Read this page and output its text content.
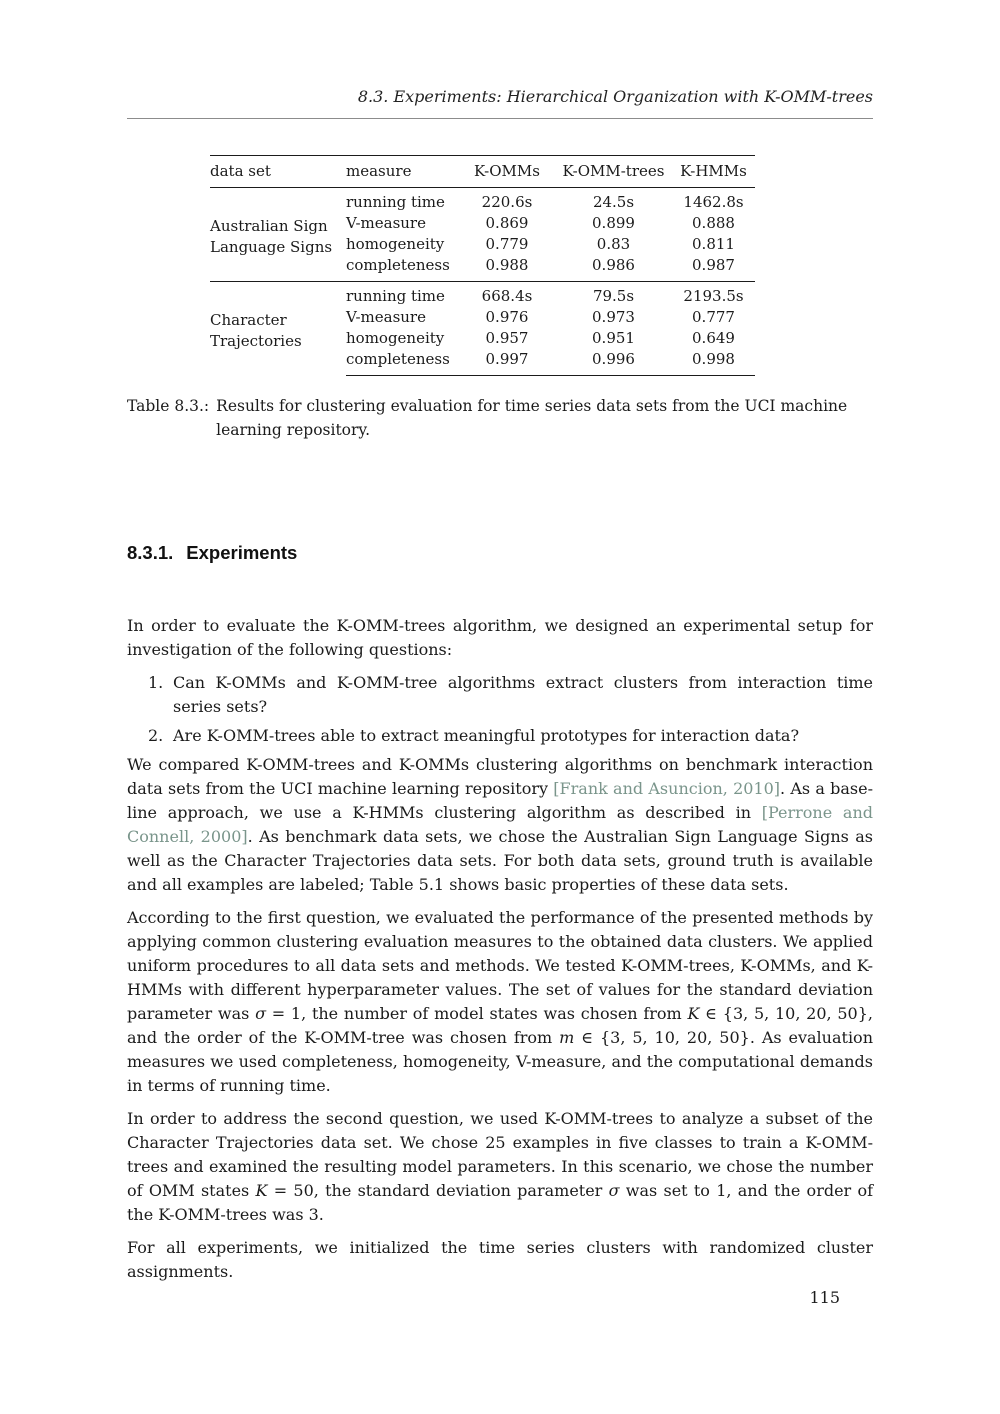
8.3. Experiments: Hierarchical Organization with K-OMM-trees
data set	measure	K-OMMs	K-OMM-trees	K-HMMs

Australian Sign
Language Signs	running time	220.6s	24.5s	1462.8s
	V-measure	0.869	0.899	0.888
	homogeneity	0.779	0.83	0.811
	completeness	0.988	0.986	0.987

Character
Trajectories	running time	668.4s	79.5s	2193.5s
	V-measure	0.976	0.973	0.777
	homogeneity	0.957	0.951	0.649
	completeness	0.997	0.996	0.998
Table 8.3.: Results for clustering evaluation for time series data sets from the UCI machine learning repository.
8.3.1. Experiments

In order to evaluate the K-OMM-trees algorithm, we designed an experimental setup for investigation of the following questions:

1. Can K-OMMs and K-OMM-tree algorithms extract clusters from interaction time series sets?
2. Are K-OMM-trees able to extract meaningful prototypes for interaction data?

We compared K-OMM-trees and K-OMMs clustering algorithms on benchmark interaction data sets from the UCI machine learning repository [Frank and Asuncion, 2010]. As a base-line approach, we use a K-HMMs clustering algorithm as described in [Perrone and Connell, 2000]. As benchmark data sets, we chose the Australian Sign Language Signs as well as the Character Trajectories data sets. For both data sets, ground truth is available and all examples are labeled; Table 5.1 shows basic properties of these data sets.

According to the first question, we evaluated the performance of the presented methods by applying common clustering evaluation measures to the obtained data clusters. We applied uniform procedures to all data sets and methods. We tested K-OMM-trees, K-OMMs, and K-HMMs with different hyperparameter values. The set of values for the standard deviation parameter was σ = 1, the number of model states was chosen from K ∈ {3, 5, 10, 20, 50}, and the order of the K-OMM-tree was chosen from m ∈ {3, 5, 10, 20, 50}. As evaluation measures we used completeness, homogeneity, V-measure, and the computational demands in terms of running time.

In order to address the second question, we used K-OMM-trees to analyze a subset of the Character Trajectories data set. We chose 25 examples in five classes to train a K-OMM-trees and examined the resulting model parameters. In this scenario, we chose the number of OMM states K = 50, the standard deviation parameter σ was set to 1, and the order of the K-OMM-trees was 3.

For all experiments, we initialized the time series clusters with randomized cluster assignments.

115
